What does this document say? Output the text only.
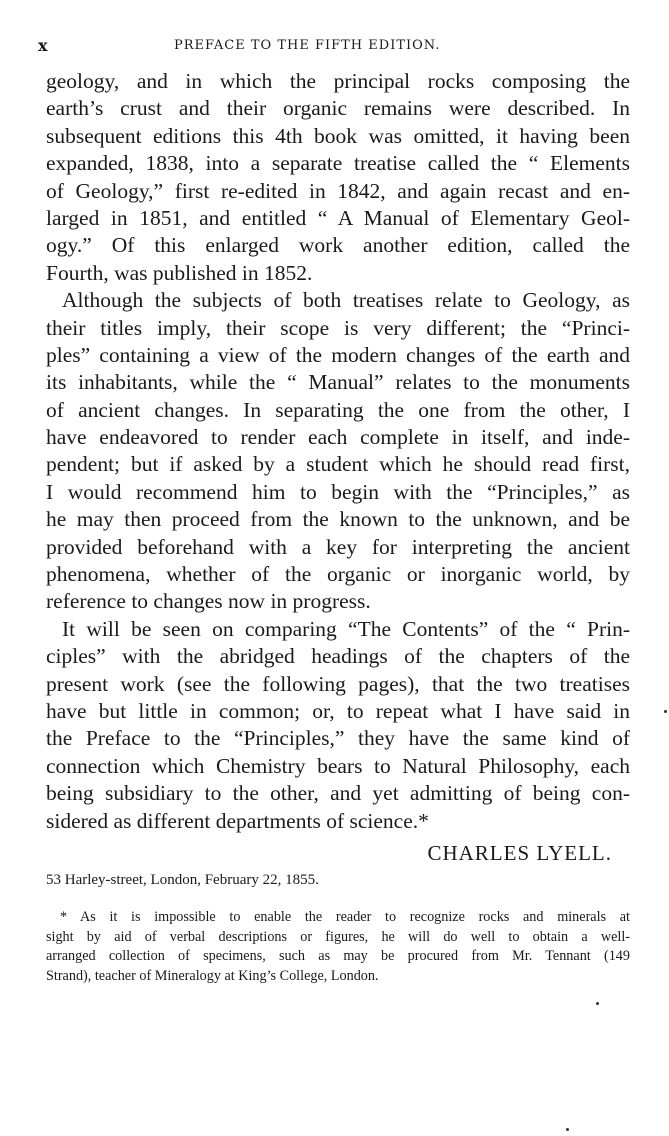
x	PREFACE TO THE FIFTH EDITION.
geology, and in which the principal rocks composing the
earth’s crust and their organic remains were described. In
subsequent editions this 4th book was omitted, it having been
expanded, 1838, into a separate treatise called the “ Elements
of Geology,” first re-edited in 1842, and again recast and en-
larged in 1851, and entitled “ A Manual of Elementary Geol-
ogy.” Of this enlarged work another edition, called the
Fourth, was published in 1852.
Although the subjects of both treatises relate to Geology, as
their titles imply, their scope is very different; the “Princi-
ples” containing a view of the modern changes of the earth and
its inhabitants, while the “ Manual” relates to the monuments
of ancient changes. In separating the one from the other, I
have endeavored to render each complete in itself, and inde-
pendent; but if asked by a student which he should read first,
I would recommend him to begin with the “Principles,” as
he may then proceed from the known to the unknown, and be
provided beforehand with a key for interpreting the ancient
phenomena, whether of the organic or inorganic world, by
reference to changes now in progress.
It will be seen on comparing “The Contents” of the “ Prin-
ciples” with the abridged headings of the chapters of the
present work (see the following pages), that the two treatises
have but little in common; or, to repeat what I have said in
the Preface to the “Principles,” they have the same kind of
connection which Chemistry bears to Natural Philosophy, each
being subsidiary to the other, and yet admitting of being con-
sidered as different departments of science.*
CHARLES LYELL.
53 Harley-street, London, February 22, 1855.
* As it is impossible to enable the reader to recognize rocks and minerals at
sight by aid of verbal descriptions or figures, he will do well to obtain a well-
arranged collection of specimens, such as may be procured from Mr. Tennant (149
Strand), teacher of Mineralogy at King’s College, London.
